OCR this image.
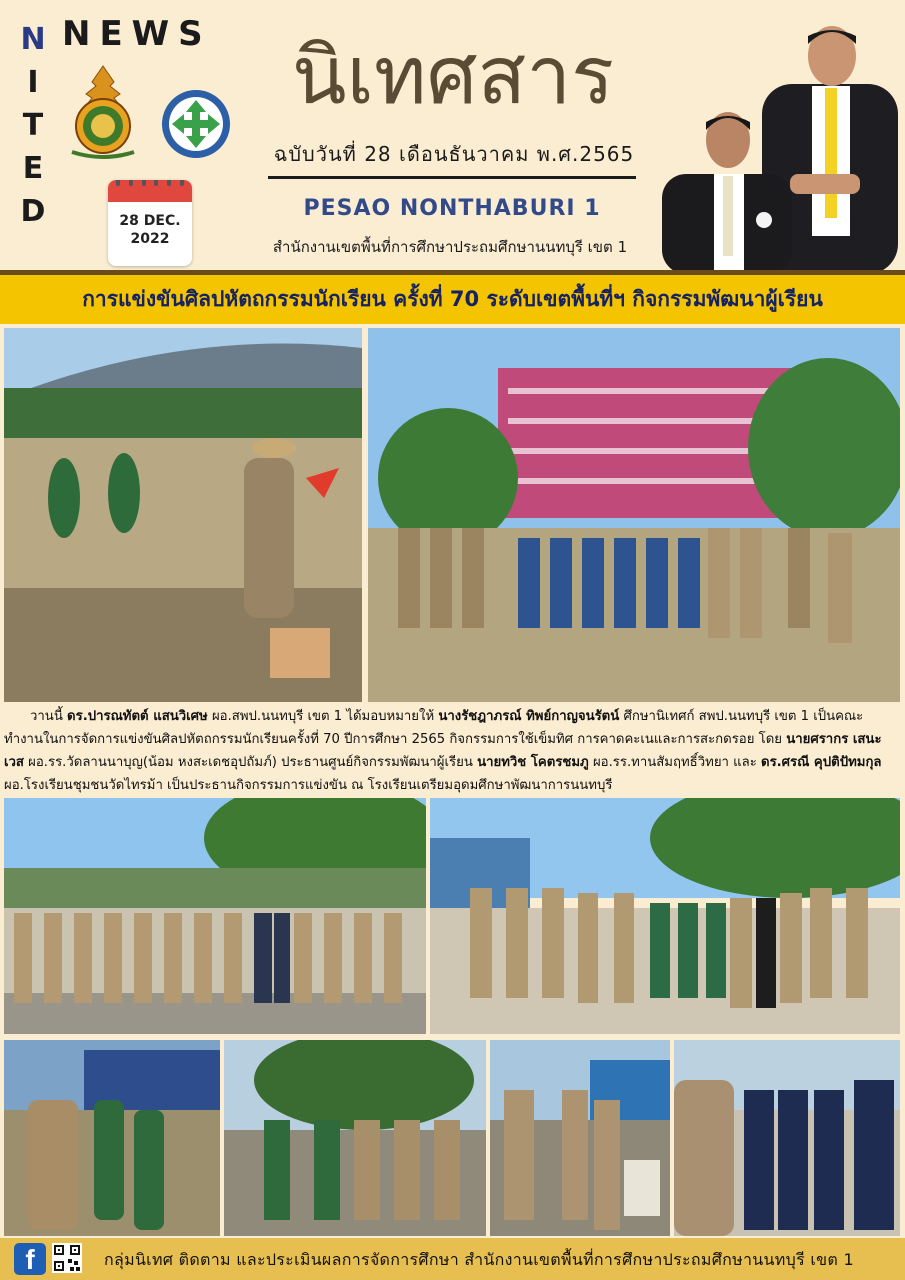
N
I
T
E
D
NEWS
28 DEC.
2022
นิเทศสาร
ฉบับวันที่ 28 เดือนธันวาคม พ.ศ.2565
PESAO NONTHABURI 1
สำนักงานเขตพื้นที่การศึกษาประถมศึกษานนทบุรี เขต 1
การแข่งขันศิลปหัตถกรรมนักเรียน ครั้งที่ 70 ระดับเขตพื้นที่ฯ กิจกรรมพัฒนาผู้เรียน

วานนี้ ดร.ปารณทัตต์ แสนวิเศษ ผอ.สพป.นนทบุรี เขต 1 ได้มอบหมายให้ นางรัชฎาภรณ์ ทิพย์กาญจนรัตน์ ศึกษานิเทศก์ สพป.นนทบุรี เขต 1 เป็นคณะทำงานในการจัดการแข่งขันศิลปหัตถกรรมนักเรียนครั้งที่ 70 ปีการศึกษา 2565 กิจกรรมการใช้เข็มทิศ การคาดคะเนและการสะกดรอย โดย นายศรากร เสนะเวส ผอ.รร.วัดลานนาบุญ(น้อม หงสะเดชอุปถัมภ์) ประธานศูนย์กิจกรรมพัฒนาผู้เรียน นายทวิช โคตรชมภู ผอ.รร.ทานสัมฤทธิ์วิทยา และ ดร.ศรณี คุปติปัทมกุล ผอ.โรงเรียนชุมชนวัดไทรม้า เป็นประธานกิจกรรมการแข่งขัน ณ โรงเรียนเตรียมอุดมศึกษาพัฒนาการนนทบุรี

f	กลุ่มนิเทศ ติดตาม และประเมินผลการจัดการศึกษา สำนักงานเขตพื้นที่การศึกษาประถมศึกษานนทบุรี เขต 1
